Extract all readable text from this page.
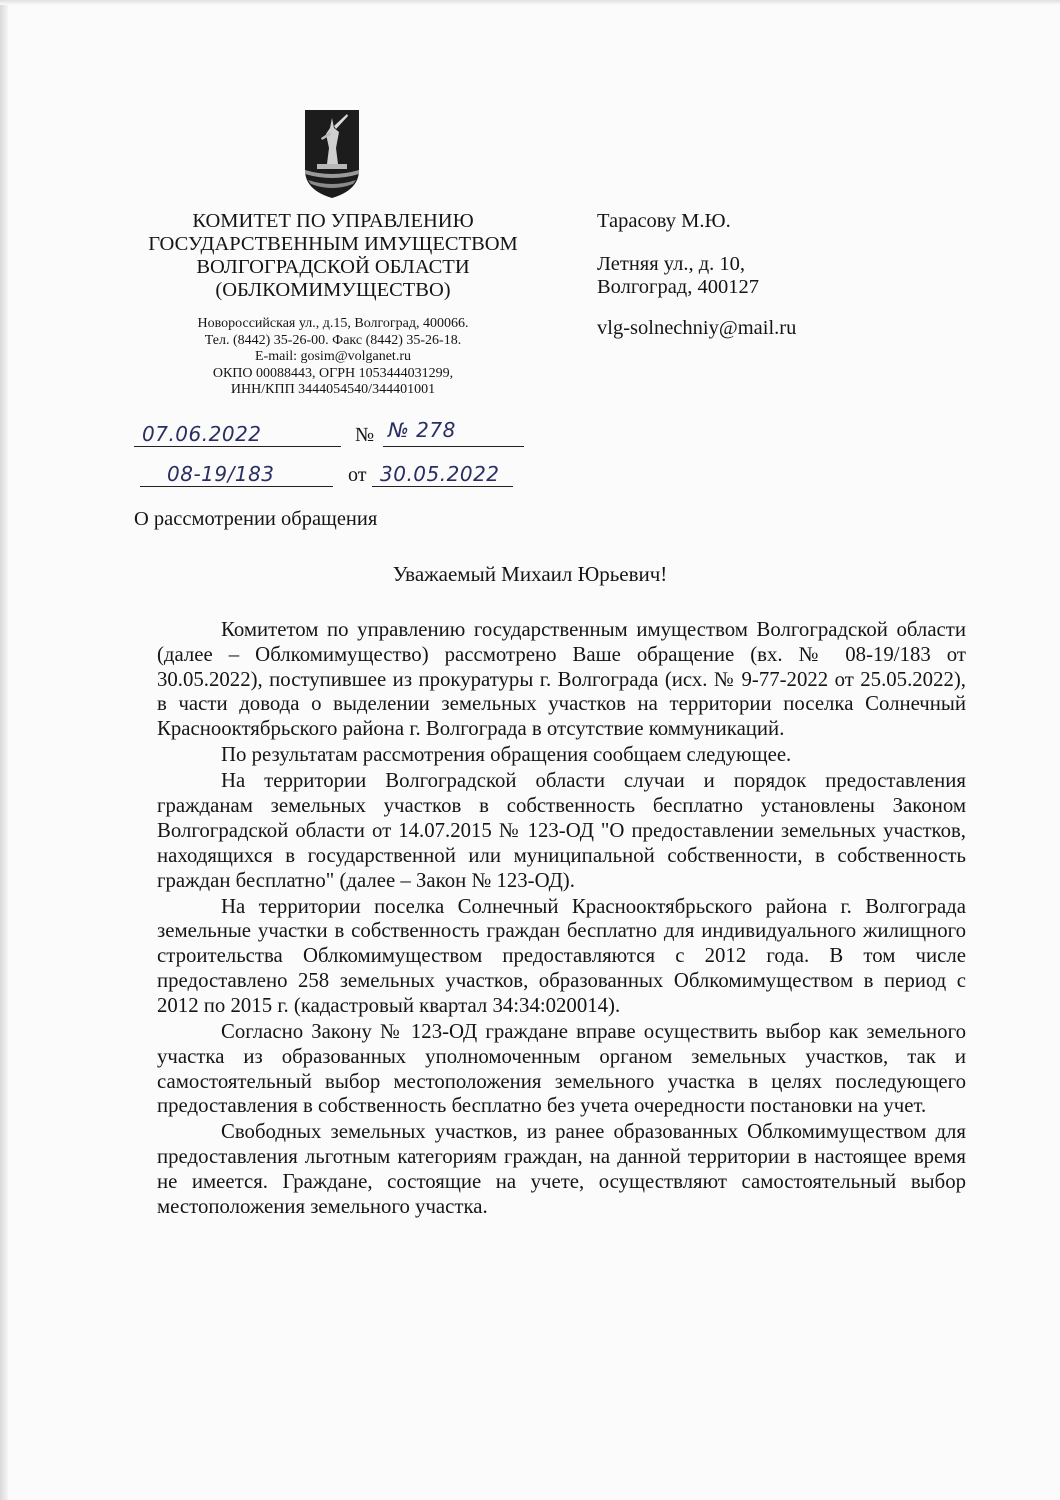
КОМИТЕТ ПО УПРАВЛЕНИЮ
ГОСУДАРСТВЕННЫМ ИМУЩЕСТВОМ
ВОЛГОГРАДСКОЙ ОБЛАСТИ
(ОБЛКОМИМУЩЕСТВО)
Новороссийская ул., д.15, Волгоград, 400066.
Тел. (8442) 35-26-00. Факс (8442) 35-26-18.
E-mail: gosim@volganet.ru
ОКПО 00088443, ОГРН 1053444031299,
ИНН/КПП 3444054540/344401001
Тарасову М.Ю.
Летняя ул., д. 10,
Волгоград, 400127
vlg-solnechniy@mail.ru
07.06.2022	№ № 278
08-19/183	от 30.05.2022
О рассмотрении обращения
Уважаемый Михаил Юрьевич!

Комитетом по управлению государственным имуществом Волгоградской области (далее – Облкомимущество) рассмотрено Ваше обращение (вх. № 08-19/183 от 30.05.2022), поступившее из прокуратуры г. Волгограда (исх. № 9-77-2022 от 25.05.2022), в части довода о выделении земельных участков на территории поселка Солнечный Краснооктябрьского района г. Волгограда в отсутствие коммуникаций.

По результатам рассмотрения обращения сообщаем следующее.

На территории Волгоградской области случаи и порядок предоставления гражданам земельных участков в собственность бесплатно установлены Законом Волгоградской области от 14.07.2015 № 123-ОД "О предоставлении земельных участков, находящихся в государственной или муниципальной собственности, в собственность граждан бесплатно" (далее – Закон № 123-ОД).

На территории поселка Солнечный Краснооктябрьского района г. Волгограда земельные участки в собственность граждан бесплатно для индивидуального жилищного строительства Облкомимуществом предоставляются с 2012 года. В том числе предоставлено 258 земельных участков, образованных Облкомимуществом в период с 2012 по 2015 г. (кадастровый квартал 34:34:020014).

Согласно Закону № 123-ОД граждане вправе осуществить выбор как земельного участка из образованных уполномоченным органом земельных участков, так и самостоятельный выбор местоположения земельного участка в целях последующего предоставления в собственность бесплатно без учета очередности постановки на учет.

Свободных земельных участков, из ранее образованных Облкомимуществом для предоставления льготным категориям граждан, на данной территории в настоящее время не имеется. Граждане, состоящие на учете, осуществляют самостоятельный выбор местоположения земельного участка.
